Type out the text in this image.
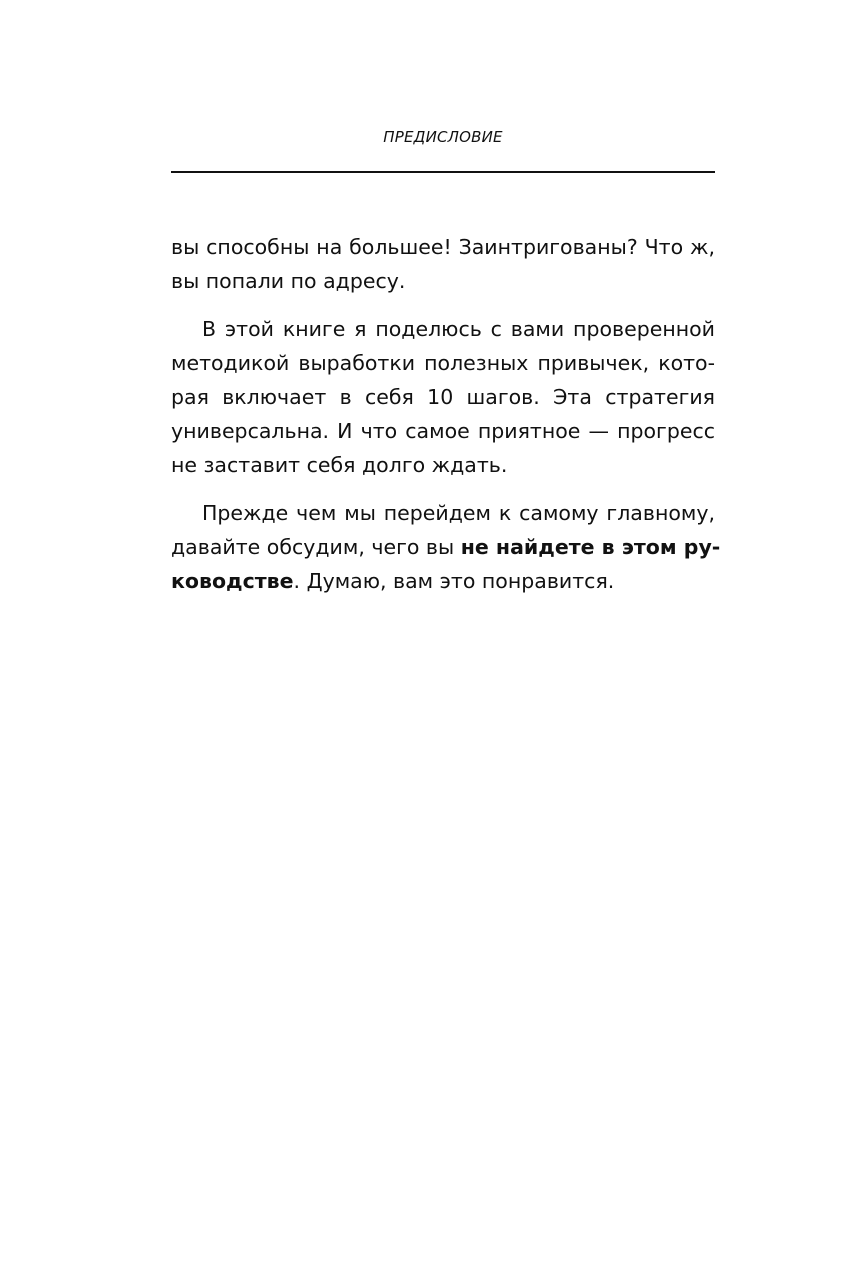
ПРЕДИСЛОВИЕ
вы способны на большее! Заинтригованы? Что ж,
вы попали по адресу.
В этой книге я поделюсь с вами проверенной
методикой выработки полезных привычек, кото-
рая включает в себя 10 шагов. Эта стратегия
универсальна. И что самое приятное — прогресс
не заставит себя долго ждать.
Прежде чем мы перейдем к самому главному,
давайте обсудим, чего вы не найдете в этом ру-
ководстве. Думаю, вам это понравится.
